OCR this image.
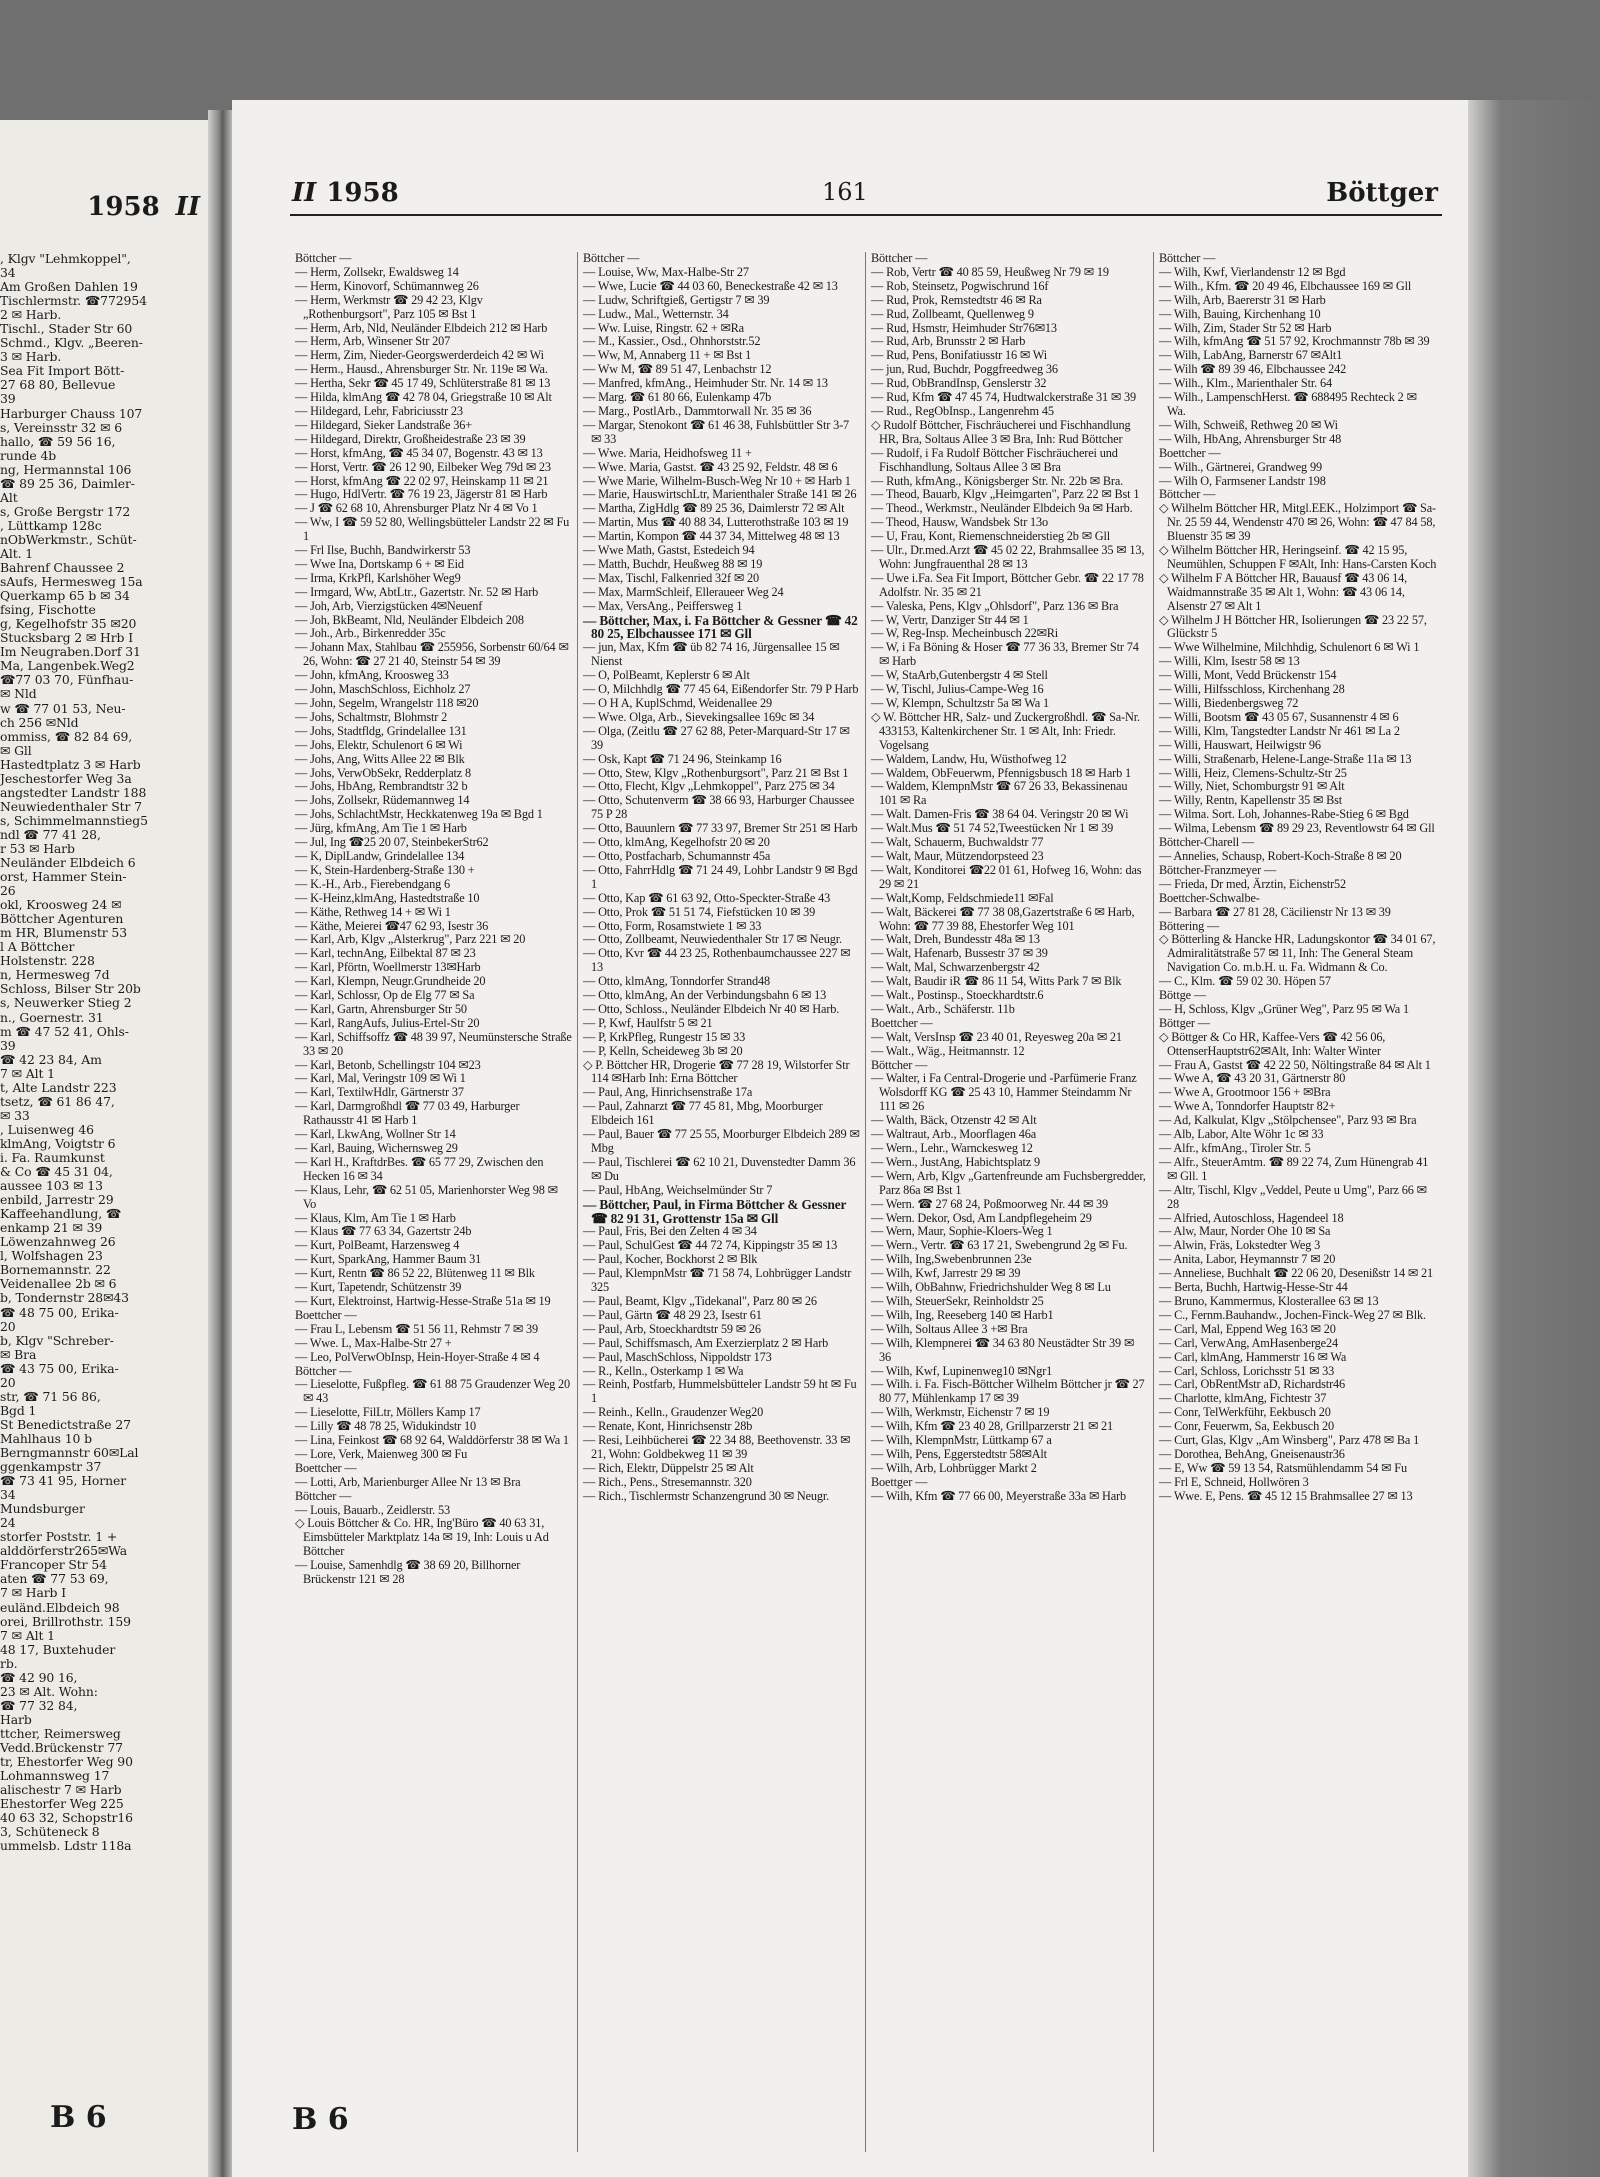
1958 II
, Klgv "Lehmkoppel",
34
Am Großen Dahlen 19
Tischlermstr. ☎772954
2 ✉ Harb.
Tischl., Stader Str 60
Schmd., Klgv. „Beeren-
3 ✉ Harb.
Sea Fit Import Bött-
27 68 80, Bellevue
39
Harburger Chauss 107
s, Vereinsstr 32 ✉ 6
hallo, ☎ 59 56 16,
runde 4b
ng, Hermannstal 106
☎ 89 25 36, Daimler-
Alt
s, Große Bergstr 172
, Lüttkamp 128c
nObWerkmstr., Schüt-
Alt. 1
Bahrenf Chaussee 2
sAufs, Hermesweg 15a
Querkamp 65 b ✉ 34
fsing, Fischotte
g, Kegelhofstr 35 ✉20
Stucksbarg 2 ✉ Hrb I
Im Neugraben.Dorf 31
Ma, Langenbek.Weg2
☎77 03 70, Fünfhau-
✉ Nld
w ☎ 77 01 53, Neu-
ch 256 ✉Nld
ommiss, ☎ 82 84 69,
✉ Gll
Hastedtplatz 3 ✉ Harb
Jeschestorfer Weg 3a
angstedter Landstr 188
Neuwiedenthaler Str 7
s, Schimmelmannstieg5
ndl ☎ 77 41 28,
r 53 ✉ Harb
Neuländer Elbdeich 6
orst, Hammer Stein-
26
okl, Kroosweg 24 ✉
Böttcher Agenturen
m HR, Blumenstr 53
l A Böttcher
Holstenstr. 228
n, Hermesweg 7d
Schloss, Bilser Str 20b
s, Neuwerker Stieg 2
n., Goernestr. 31
m ☎ 47 52 41, Ohls-
39
☎ 42 23 84, Am
7 ✉ Alt 1
t, Alte Landstr 223
tsetz, ☎ 61 86 47,
✉ 33
, Luisenweg 46
klmAng, Voigtstr 6
i. Fa. Raumkunst
& Co ☎ 45 31 04,
aussee 103 ✉ 13
enbild, Jarrestr 29
Kaffeehandlung, ☎
enkamp 21 ✉ 39
Löwenzahnweg 26
l, Wolfshagen 23
Bornemannstr. 22
Veidenallee 2b ✉ 6
b, Tondernstr 28✉43
☎ 48 75 00, Erika-
20
b, Klgv "Schreber-
✉ Bra
☎ 43 75 00, Erika-
20
str, ☎ 71 56 86,
Bgd 1
St Benedictstraße 27
Mahlhaus 10 b
Berngmannstr 60✉Lal
ggenkampstr 37
☎ 73 41 95, Horner
34
Mundsburger
24
storfer Poststr. 1 +
alddörferstr265✉Wa
Francoper Str 54
aten ☎ 77 53 69,
7 ✉ Harb I
euländ.Elbdeich 98
orei, Brillrothstr. 159
7 ✉ Alt 1
48 17, Buxtehuder
rb.
☎ 42 90 16,
23 ✉ Alt. Wohn:
☎ 77 32 84,
Harb
ttcher, Reimersweg
Vedd.Brückenstr 77
tr, Ehestorfer Weg 90
Lohmannsweg 17
alischestr 7 ✉ Harb
Ehestorfer Weg 225
40 63 32, Schopstr16
3, Schüteneck 8
ummelsb. Ldstr 118a
B 6
II 1958	161	Böttger
Böttcher —
— Herm, Zollsekr, Ewaldsweg 14
— Herm, Kinovorf, Schümannweg 26
— Herm, Werkmstr ☎ 29 42 23, Klgv „Rothenburgsort", Parz 105 ✉ Bst 1
— Herm, Arb, Nld, Neuländer Elbdeich 212 ✉ Harb
— Herm, Arb, Winsener Str 207
— Herm, Zim, Nieder-Georgswerderdeich 42 ✉ Wi
— Herm., Hausd., Ahrensburger Str. Nr. 119e ✉ Wa.
— Hertha, Sekr ☎ 45 17 49, Schlüterstraße 81 ✉ 13
— Hilda, klmAng ☎ 42 78 04, Griegstraße 10 ✉ Alt
— Hildegard, Lehr, Fabriciusstr 23
— Hildegard, Sieker Landstraße 36+
— Hildegard, Direktr, Großheidestraße 23 ✉ 39
— Horst, kfmAng, ☎ 45 34 07, Bogenstr. 43 ✉ 13
— Horst, Vertr. ☎ 26 12 90, Eilbeker Weg 79d ✉ 23
— Horst, kfmAng ☎ 22 02 97, Heinskamp 11 ✉ 21
— Hugo, HdlVertr. ☎ 76 19 23, Jägerstr 81 ✉ Harb
— J ☎ 62 68 10, Ahrensburger Platz Nr 4 ✉ Vo 1
— Ww, I ☎ 59 52 80, Wellingsbütteler Landstr 22 ✉ Fu 1
— Frl Ilse, Buchh, Bandwirkerstr 53
— Wwe Ina, Dortskamp 6 + ✉ Eid
— Irma, KrkPfl, Karlshöher Weg9
— Irmgard, Ww, AbtLtr., Gazertstr. Nr. 52 ✉ Harb
— Joh, Arb, Vierzigstücken 4✉Neuenf
— Joh, BkBeamt, Nld, Neuländer Elbdeich 208
— Joh., Arb., Birkenredder 35c
— Johann Max, Stahlbau ☎ 255956, Sorbenstr 60/64 ✉ 26, Wohn: ☎ 27 21 40, Steinstr 54 ✉ 39
— John, kfmAng, Kroosweg 33
— John, MaschSchloss, Eichholz 27
— John, Segelm, Wrangelstr 118 ✉20
— Johs, Schaltmstr, Blohmstr 2
— Johs, Stadtfldg, Grindelallee 131
— Johs, Elektr, Schulenort 6 ✉ Wi
— Johs, Ang, Witts Allee 22 ✉ Blk
— Johs, VerwObSekr, Redderplatz 8
— Johs, HbAng, Rembrandtstr 32 b
— Johs, Zollsekr, Rüdemannweg 14
— Johs, SchlachtMstr, Heckkatenweg 19a ✉ Bgd 1
— Jürg, kfmAng, Am Tie 1 ✉ Harb
— Jul, Ing ☎25 20 07, SteinbekerStr62
— K, DiplLandw, Grindelallee 134
— K, Stein-Hardenberg-Straße 130 +
— K.-H., Arb., Fierebendgang 6
— K-Heinz,klmAng, Hastedtstraße 10
— Käthe, Rethweg 14 + ✉ Wi 1
— Käthe, Meierei ☎47 62 93, Isestr 36
— Karl, Arb, Klgv „Alsterkrug", Parz 221 ✉ 20
— Karl, technAng, Eilbektal 87 ✉ 23
— Karl, Pförtn, Woellmerstr 13✉Harb
— Karl, Klempn, Neugr.Grundheide 20
— Karl, Schlossr, Op de Elg 77 ✉ Sa
— Karl, Gartn, Ahrensburger Str 50
— Karl, RangAufs, Julius-Ertel-Str 20
— Karl, Schiffsoffz ☎ 48 39 97, Neumünstersche Straße 33 ✉ 20
— Karl, Betonb, Schellingstr 104 ✉23
— Karl, Mal, Veringstr 109 ✉ Wi 1
— Karl, TextilwHdlr, Gärtnerstr 37
— Karl, Darmgroßhdl ☎ 77 03 49, Harburger Rathausstr 41 ✉ Harb 1
— Karl, LkwAng, Wollner Str 14
— Karl, Bauing, Wichernsweg 29
— Karl H., KraftdrBes. ☎ 65 77 29, Zwischen den Hecken 16 ✉ 34
— Klaus, Lehr, ☎ 62 51 05, Marienhorster Weg 98 ✉ Vo
— Klaus, Klm, Am Tie 1 ✉ Harb
— Klaus ☎ 77 63 34, Gazertstr 24b
— Kurt, PolBeamt, Harzensweg 4
— Kurt, SparkAng, Hammer Baum 31
— Kurt, Rentn ☎ 86 52 22, Blütenweg 11 ✉ Blk
— Kurt, Tapetendr, Schützenstr 39
— Kurt, Elektroinst, Hartwig-Hesse-Straße 51a ✉ 19
Boettcher —
— Frau L, Lebensm ☎ 51 56 11, Rehmstr 7 ✉ 39
— Wwe. L, Max-Halbe-Str 27 +
— Leo, PolVerwObInsp, Hein-Hoyer-Straße 4 ✉ 4
Böttcher —
— Lieselotte, Fußpfleg. ☎ 61 88 75 Graudenzer Weg 20 ✉ 43
— Lieselotte, FilLtr, Möllers Kamp 17
— Lilly ☎ 48 78 25, Widukindstr 10
— Lina, Feinkost ☎ 68 92 64, Walddörferstr 38 ✉ Wa 1
— Lore, Verk, Maienweg 300 ✉ Fu
Boettcher —
— Lotti, Arb, Marienburger Allee Nr 13 ✉ Bra
Böttcher —
— Louis, Bauarb., Zeidlerstr. 53
◇ Louis Böttcher & Co. HR, Ing'Büro ☎ 40 63 31, Eimsbütteler Marktplatz 14a ✉ 19, Inh: Louis u Ad Böttcher
— Louise, Samenhdlg ☎ 38 69 20, Billhorner Brückenstr 121 ✉ 28
Böttcher —
— Louise, Ww, Max-Halbe-Str 27
— Wwe, Lucie ☎ 44 03 60, Beneckestraße 42 ✉ 13
— Ludw, Schriftgieß, Gertigstr 7 ✉ 39
— Ludw., Mal., Wetternstr. 34
— Ww. Luise, Ringstr. 62 + ✉Ra
— M., Kassier., Osd., Ohnhorststr.52
— Ww, M, Annaberg 11 + ✉ Bst 1
— Ww M, ☎ 89 51 47, Lenbachstr 12
— Manfred, kfmAng., Heimhuder Str. Nr. 14 ✉ 13
— Marg. ☎ 61 80 66, Eulenkamp 47b
— Marg., PostlArb., Dammtorwall Nr. 35 ✉ 36
— Margar, Stenokont ☎ 61 46 38, Fuhlsbüttler Str 3-7 ✉ 33
— Wwe. Maria, Heidhofsweg 11 +
— Wwe. Maria, Gastst. ☎ 43 25 92, Feldstr. 48 ✉ 6
— Wwe Marie, Wilhelm-Busch-Weg Nr 10 + ✉ Harb 1
— Marie, HauswirtschLtr, Marienthaler Straße 141 ✉ 26
— Martha, ZigHdlg ☎ 89 25 36, Daimlerstr 72 ✉ Alt
— Martin, Mus ☎ 40 88 34, Lutterothstraße 103 ✉ 19
— Martin, Kompon ☎ 44 37 34, Mittelweg 48 ✉ 13
— Wwe Math, Gastst, Estedeich 94
— Matth, Buchdr, Heußweg 88 ✉ 19
— Max, Tischl, Falkenried 32f ✉ 20
— Max, MarmSchleif, Elleraueer Weg 24
— Max, VersAng., Peiffersweg 1
— Böttcher, Max, i. Fa Böttcher & Gessner ☎ 42 80 25, Elbchaussee 171 ✉ Gll
— jun, Max, Kfm ☎ üb 82 74 16, Jürgensallee 15 ✉ Nienst
— O, PolBeamt, Keplerstr 6 ✉ Alt
— O, Milchhdlg ☎ 77 45 64, Eißendorfer Str. 79 P Harb
— O H A, KuplSchmd, Weidenallee 29
— Wwe. Olga, Arb., Sievekingsallee 169c ✉ 34
— Olga, (Zeitlu ☎ 27 62 88, Peter-Marquard-Str 17 ✉ 39
— Osk, Kapt ☎ 71 24 96, Steinkamp 16
— Otto, Stew, Klgv „Rothenburgsort", Parz 21 ✉ Bst 1
— Otto, Flecht, Klgv „Lehmkoppel", Parz 275 ✉ 34
— Otto, Schutenverm ☎ 38 66 93, Harburger Chaussee 75 P 28
— Otto, Bauunlern ☎ 77 33 97, Bremer Str 251 ✉ Harb
— Otto, klmAng, Kegelhofstr 20 ✉ 20
— Otto, Postfacharb, Schumannstr 45a
— Otto, FahrrHdlg ☎ 71 24 49, Lohbr Landstr 9 ✉ Bgd 1
— Otto, Kap ☎ 61 63 92, Otto-Speckter-Straße 43
— Otto, Prok ☎ 51 51 74, Fiefstücken 10 ✉ 39
— Otto, Form, Rosamstwiete 1 ✉ 33
— Otto, Zollbeamt, Neuwiedenthaler Str 17 ✉ Neugr.
— Otto, Kvr ☎ 44 23 25, Rothenbaumchaussee 227 ✉ 13
— Otto, klmAng, Tonndorfer Strand48
— Otto, klmAng, An der Verbindungsbahn 6 ✉ 13
— Otto, Schloss., Neuländer Elbdeich Nr 40 ✉ Harb.
— P, Kwf, Haulfstr 5 ✉ 21
— P, KrkPfleg, Rungestr 15 ✉ 33
— P, Kelln, Scheideweg 3b ✉ 20
◇ P. Böttcher HR, Drogerie ☎ 77 28 19, Wilstorfer Str 114 ✉Harb Inh: Erna Böttcher
— Paul, Ang, Hinrichsenstraße 17a
— Paul, Zahnarzt ☎ 77 45 81, Mbg, Moorburger Elbdeich 161
— Paul, Bauer ☎ 77 25 55, Moorburger Elbdeich 289 ✉ Mbg
— Paul, Tischlerei ☎ 62 10 21, Duvenstedter Damm 36 ✉ Du
— Paul, HbAng, Weichselmünder Str 7
— Böttcher, Paul, in Firma Böttcher & Gessner ☎ 82 91 31, Grottenstr 15a ✉ Gll
— Paul, Fris, Bei den Zelten 4 ✉ 34
— Paul, SchulGest ☎ 44 72 74, Kippingstr 35 ✉ 13
— Paul, Kocher, Bockhorst 2 ✉ Blk
— Paul, KlempnMstr ☎ 71 58 74, Lohbrügger Landstr 325
— Paul, Beamt, Klgv „Tidekanal", Parz 80 ✉ 26
— Paul, Gärtn ☎ 48 29 23, Isestr 61
— Paul, Arb, Stoeckhardtstr 59 ✉ 26
— Paul, Schiffsmasch, Am Exerzierplatz 2 ✉ Harb
— Paul, MaschSchloss, Nippoldstr 173
— R., Kelln., Osterkamp 1 ✉ Wa
— Reinh, Postfarb, Hummelsbütteler Landstr 59 ht ✉ Fu 1
— Reinh., Kelln., Graudenzer Weg20
— Renate, Kont, Hinrichsenstr 28b
— Resi, Leihbücherei ☎ 22 34 88, Beethovenstr. 33 ✉ 21, Wohn: Goldbekweg 11 ✉ 39
— Rich, Elektr, Düppelstr 25 ✉ Alt
— Rich., Pens., Stresemannstr. 320
— Rich., Tischlermstr Schanzengrund 30 ✉ Neugr.
Böttcher —
— Rob, Vertr ☎ 40 85 59, Heußweg Nr 79 ✉ 19
— Rob, Steinsetz, Pogwischrund 16f
— Rud, Prok, Remstedtstr 46 ✉ Ra
— Rud, Zollbeamt, Quellenweg 9
— Rud, Hsmstr, Heimhuder Str76✉13
— Rud, Arb, Brunsstr 2 ✉ Harb
— Rud, Pens, Bonifatiusstr 16 ✉ Wi
— jun, Rud, Buchdr, Poggfreedweg 36
— Rud, ObBrandInsp, Genslerstr 32
— Rud, Kfm ☎ 47 45 74, Hudtwalckerstraße 31 ✉ 39
— Rud., RegObInsp., Langenrehm 45
◇ Rudolf Böttcher, Fischräucherei und Fischhandlung HR, Bra, Soltaus Allee 3 ✉ Bra, Inh: Rud Böttcher
— Rudolf, i Fa Rudolf Böttcher Fischräucherei und Fischhandlung, Soltaus Allee 3 ✉ Bra
— Ruth, kfmAng., Königsberger Str. Nr. 22b ✉ Bra.
— Theod, Bauarb, Klgv „Heimgarten", Parz 22 ✉ Bst 1
— Theod., Werkmstr., Neuländer Elbdeich 9a ✉ Harb.
— Theod, Hausw, Wandsbek Str 13o
— U, Frau, Kont, Riemenschneiderstieg 2b ✉ Gll
— Ulr., Dr.med.Arzt ☎ 45 02 22, Brahmsallee 35 ✉ 13, Wohn: Jungfrauenthal 28 ✉ 13
— Uwe i.Fa. Sea Fit Import, Böttcher Gebr. ☎ 22 17 78 Adolfstr. Nr. 35 ✉ 21
— Valeska, Pens, Klgv „Ohlsdorf", Parz 136 ✉ Bra
— W, Vertr, Danziger Str 44 ✉ 1
— W, Reg-Insp. Mecheinbusch 22✉Ri
— W, i Fa Böning & Hoser ☎ 77 36 33, Bremer Str 74 ✉ Harb
— W, StaArb,Gutenbergstr 4 ✉ Stell
— W, Tischl, Julius-Campe-Weg 16
— W, Klempn, Schultzstr 5a ✉ Wa 1
◇ W. Böttcher HR, Salz- und Zuckergroßhdl. ☎ Sa-Nr. 433153, Kaltenkirchener Str. 1 ✉ Alt, Inh: Friedr. Vogelsang
— Waldem, Landw, Hu, Wüsthofweg 12
— Waldem, ObFeuerwm, Pfennigsbusch 18 ✉ Harb 1
— Waldem, KlempnMstr ☎ 67 26 33, Bekassinenau 101 ✉ Ra
— Walt. Damen-Fris ☎ 38 64 04. Veringstr 20 ✉ Wi
— Walt.Mus ☎ 51 74 52,Tweestücken Nr 1 ✉ 39
— Walt, Schauerm, Buchwaldstr 77
— Walt, Maur, Mützendorpsteed 23
— Walt, Konditorei ☎22 01 61, Hofweg 16, Wohn: das 29 ✉ 21
— Walt,Komp, Feldschmiede11 ✉Fal
— Walt, Bäckerei ☎ 77 38 08,Gazertstraße 6 ✉ Harb, Wohn: ☎ 77 39 88, Ehestorfer Weg 101
— Walt, Dreh, Bundesstr 48a ✉ 13
— Walt, Hafenarb, Bussestr 37 ✉ 39
— Walt, Mal, Schwarzenbergstr 42
— Walt, Baudir iR ☎ 86 11 54, Witts Park 7 ✉ Blk
— Walt., Postinsp., Stoeckhardtstr.6
— Walt., Arb., Schäferstr. 11b
Boettcher —
— Walt, VersInsp ☎ 23 40 01, Reyesweg 20a ✉ 21
— Walt., Wäg., Heitmannstr. 12
Böttcher —
— Walter, i Fa Central-Drogerie und -Parfümerie Franz Wolsdorff KG ☎ 25 43 10, Hammer Steindamm Nr 111 ✉ 26
— Walth, Bäck, Otzenstr 42 ✉ Alt
— Waltraut, Arb., Moorflagen 46a
— Wern., Lehr., Warnckesweg 12
— Wern., JustAng, Habichtsplatz 9
— Wern, Arb, Klgv „Gartenfreunde am Fuchsbergredder, Parz 86a ✉ Bst 1
— Wern. ☎ 27 68 24, Poßmoorweg Nr. 44 ✉ 39
— Wern. Dekor, Osd, Am Landpflegeheim 29
— Wern, Maur, Sophie-Kloers-Weg 1
— Wern., Vertr. ☎ 63 17 21, Swebengrund 2g ✉ Fu.
— Wilh, Ing,Swebenbrunnen 23e
— Wilh, Kwf, Jarrestr 29 ✉ 39
— Wilh, ObBahnw, Friedrichshulder Weg 8 ✉ Lu
— Wilh, SteuerSekr, Reinholdstr 25
— Wilh, Ing, Reeseberg 140 ✉ Harb1
— Wilh, Soltaus Allee 3 +✉ Bra
— Wilh, Klempnerei ☎ 34 63 80 Neustädter Str 39 ✉ 36
— Wilh, Kwf, Lupinenweg10 ✉Ngr1
— Wilh. i. Fa. Fisch-Böttcher Wilhelm Böttcher jr ☎ 27 80 77, Mühlenkamp 17 ✉ 39
— Wilh, Werkmstr, Eichenstr 7 ✉ 19
— Wilh, Kfm ☎ 23 40 28, Grillparzerstr 21 ✉ 21
— Wilh, KlempnMstr, Lüttkamp 67 a
— Wilh, Pens, Eggerstedtstr 58✉Alt
— Wilh, Arb, Lohbrügger Markt 2
Boettger —
— Wilh, Kfm ☎ 77 66 00, Meyerstraße 33a ✉ Harb
Böttcher —
— Wilh, Kwf, Vierlandenstr 12 ✉ Bgd
— Wilh., Kfm. ☎ 20 49 46, Elbchaussee 169 ✉ Gll
— Wilh, Arb, Baererstr 31 ✉ Harb
— Wilh, Bauing, Kirchenhang 10
— Wilh, Zim, Stader Str 52 ✉ Harb
— Wilh, kfmAng ☎ 51 57 92, Krochmannstr 78b ✉ 39
— Wilh, LabAng, Barnerstr 67 ✉Alt1
— Wilh ☎ 89 39 46, Elbchaussee 242
— Wilh., Klm., Marienthaler Str. 64
— Wilh., LampenschHerst. ☎ 688495 Rechteck 2 ✉ Wa.
— Wilh, Schweiß, Rethweg 20 ✉ Wi
— Wilh, HbAng, Ahrensburger Str 48
Boettcher —
— Wilh., Gärtnerei, Grandweg 99
— Wilh O, Farmsener Landstr 198
Böttcher —
◇ Wilhelm Böttcher HR, Mitgl.EEK., Holzimport ☎ Sa-Nr. 25 59 44, Wendenstr 470 ✉ 26, Wohn: ☎ 47 84 58, Bluenstr 35 ✉ 39
◇ Wilhelm Böttcher HR, Heringseinf. ☎ 42 15 95, Neumühlen, Schuppen F ✉Alt, Inh: Hans-Carsten Koch
◇ Wilhelm F A Böttcher HR, Bauausf ☎ 43 06 14, Waidmannstraße 35 ✉ Alt 1, Wohn: ☎ 43 06 14, Alsenstr 27 ✉ Alt 1
◇ Wilhelm J H Böttcher HR, Isolierungen ☎ 23 22 57, Glückstr 5
— Wwe Wilhelmine, Milchhdig, Schulenort 6 ✉ Wi 1
— Willi, Klm, Isestr 58 ✉ 13
— Willi, Mont, Vedd Brückenstr 154
— Willi, Hilfsschloss, Kirchenhang 28
— Willi, Biedenbergsweg 72
— Willi, Bootsm ☎ 43 05 67, Susannenstr 4 ✉ 6
— Willi, Klm, Tangstedter Landstr Nr 461 ✉ La 2
— Willi, Hauswart, Heilwigstr 96
— Willi, Straßenarb, Helene-Lange-Straße 11a ✉ 13
— Willi, Heiz, Clemens-Schultz-Str 25
— Willy, Niet, Schomburgstr 91 ✉ Alt
— Willy, Rentn, Kapellenstr 35 ✉ Bst
— Wilma. Sort. Loh, Johannes-Rabe-Stieg 6 ✉ Bgd
— Wilma, Lebensm ☎ 89 29 23, Reventlowstr 64 ✉ Gll
Böttcher-Charell —
— Annelies, Schausp, Robert-Koch-Straße 8 ✉ 20
Böttcher-Franzmeyer —
— Frieda, Dr med, Ärztin, Eichenstr52
Boettcher-Schwalbe-
— Barbara ☎ 27 81 28, Cäcilienstr Nr 13 ✉ 39
Böttering —
◇ Bötterling & Hancke HR, Ladungskontor ☎ 34 01 67, Admiralitätstraße 57 ✉ 11, Inh: The General Steam Navigation Co. m.b.H. u. Fa. Widmann & Co.
— C., Klm. ☎ 59 02 30. Höpen 57
Böttge —
— H, Schloss, Klgv „Grüner Weg", Parz 95 ✉ Wa 1
Böttger —
◇ Böttger & Co HR, Kaffee-Vers ☎ 42 56 06, OttenserHauptstr62✉Alt, Inh: Walter Winter
— Frau A, Gastst ☎ 42 22 50, Nöltingstraße 84 ✉ Alt 1
— Wwe A, ☎ 43 20 31, Gärtnerstr 80
— Wwe A, Grootmoor 156 + ✉Bra
— Wwe A, Tonndorfer Hauptstr 82+
— Ad, Kalkulat, Klgv „Stölpchensee", Parz 93 ✉ Bra
— Alb, Labor, Alte Wöhr 1c ✉ 33
— Alfr., kfmAng., Tiroler Str. 5
— Alfr., SteuerAmtm. ☎ 89 22 74, Zum Hünengrab 41 ✉ Gll. 1
— Altr, Tischl, Klgv „Veddel, Peute u Umg", Parz 66 ✉ 28
— Alfried, Autoschloss, Hagendeel 18
— Alw, Maur, Norder Ohe 10 ✉ Sa
— Alwin, Fräs, Lokstedter Weg 3
— Anita, Labor, Heymannstr 7 ✉ 20
— Anneliese, Buchhalt ☎ 22 06 20, Desenißstr 14 ✉ 21
— Berta, Buchh, Hartwig-Hesse-Str 44
— Bruno, Kammermus, Klosterallee 63 ✉ 13
— C., Fernm.Bauhandw., Jochen-Finck-Weg 27 ✉ Blk.
— Carl, Mal, Eppend Weg 163 ✉ 20
— Carl, VerwAng, AmHasenberge24
— Carl, klmAng, Hammerstr 16 ✉ Wa
— Carl, Schloss, Lorichsstr 51 ✉ 33
— Carl, ObRentMstr aD, Richardstr46
— Charlotte, klmAng, Fichtestr 37
— Conr, TelWerkführ, Eekbusch 20
— Conr, Feuerwm, Sa, Eekbusch 20
— Curt, Glas, Klgv „Am Winsberg", Parz 478 ✉ Ba 1
— Dorothea, BehAng, Gneisenaustr36
— E, Ww ☎ 59 13 54, Ratsmühlendamm 54 ✉ Fu
— Frl E, Schneid, Hollwören 3
— Wwe. E, Pens. ☎ 45 12 15 Brahmsallee 27 ✉ 13
B 6
